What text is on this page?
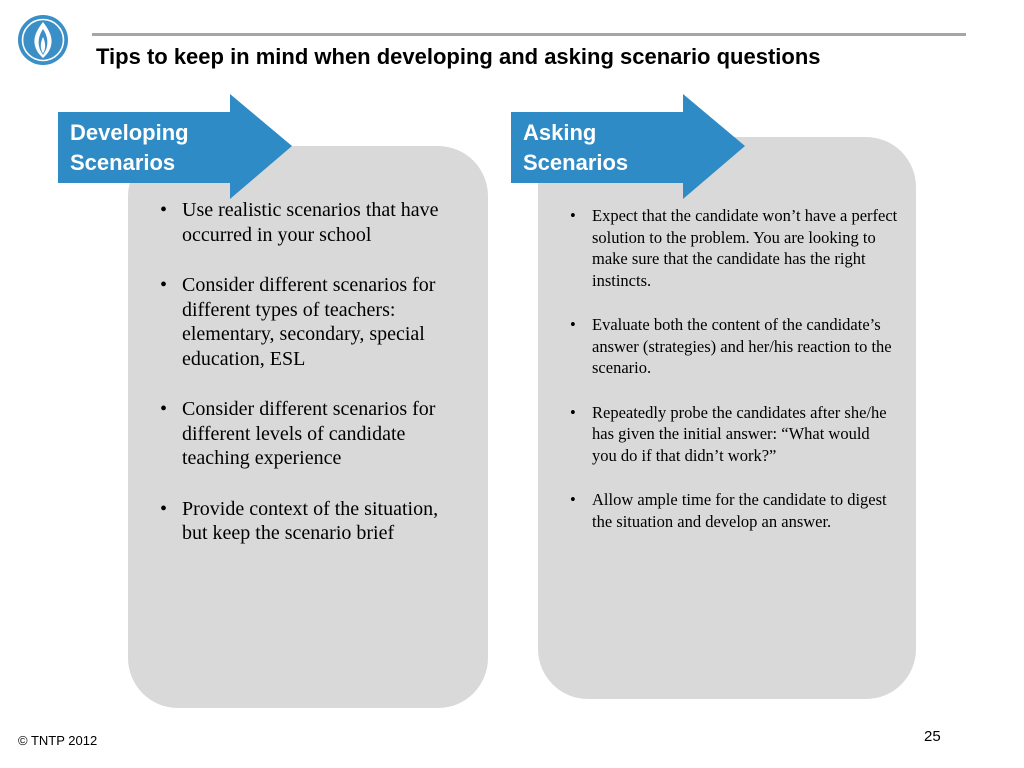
Tips to keep in mind when developing and asking scenario questions
Developing
Scenarios
Asking
Scenarios
• Use realistic scenarios that have occurred in your school
• Consider different scenarios for different types of teachers: elementary, secondary, special education, ESL
• Consider different scenarios for different levels of candidate teaching experience
• Provide context of the situation, but keep the scenario brief
• Expect that the candidate won’t have a perfect solution to the problem. You are looking to make sure that the candidate has the right instincts.
• Evaluate both the content of the candidate’s answer (strategies) and her/his reaction to the scenario.
• Repeatedly probe the candidates after she/he has given the initial answer: “What would you do if that didn’t work?”
• Allow ample time for the candidate to digest the situation and develop an answer.
© TNTP 2012	25
